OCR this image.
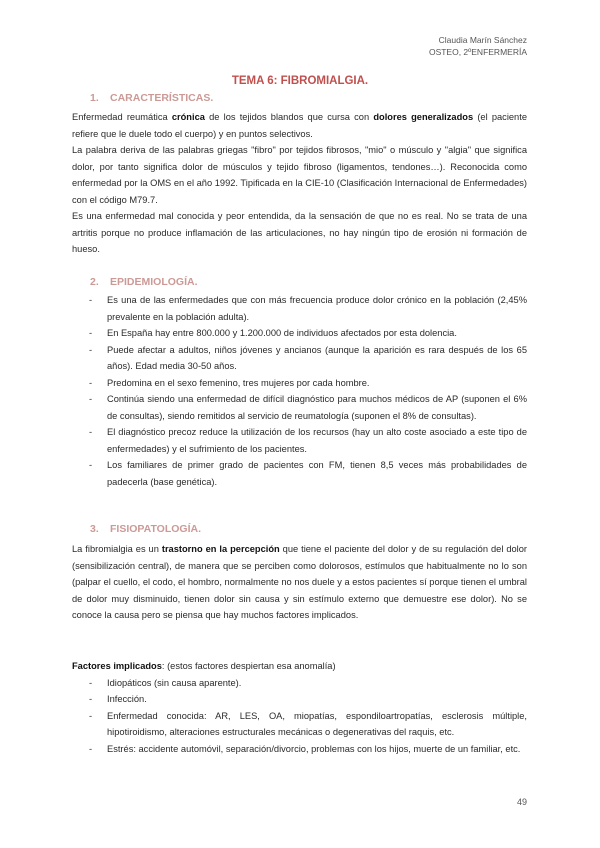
Claudia Marín Sánchez
OSTEO, 2ºENFERMERÍA
TEMA 6: FIBROMIALGIA.
1. CARACTERÍSTICAS.

Enfermedad reumática crónica de los tejidos blandos que cursa con dolores generalizados (el paciente refiere que le duele todo el cuerpo) y en puntos selectivos.

La palabra deriva de las palabras griegas "fibro" por tejidos fibrosos, "mio" o músculo y "algia" que significa dolor, por tanto significa dolor de músculos y tejido fibroso (ligamentos, tendones…). Reconocida como enfermedad por la OMS en el año 1992. Tipificada en la CIE-10 (Clasificación Internacional de Enfermedades) con el código M79.7.

Es una enfermedad mal conocida y peor entendida, da la sensación de que no es real. No se trata de una artritis porque no produce inflamación de las articulaciones, no hay ningún tipo de erosión ni formación de hueso.

2. EPIDEMIOLOGÍA.
- Es una de las enfermedades que con más frecuencia produce dolor crónico en la población (2,45% prevalente en la población adulta).
- En España hay entre 800.000 y 1.200.000 de individuos afectados por esta dolencia.
- Puede afectar a adultos, niños jóvenes y ancianos (aunque la aparición es rara después de los 65 años). Edad media 30-50 años.
- Predomina en el sexo femenino, tres mujeres por cada hombre.
- Continúa siendo una enfermedad de difícil diagnóstico para muchos médicos de AP (suponen el 6% de consultas), siendo remitidos al servicio de reumatología (suponen el 8% de consultas).
- El diagnóstico precoz reduce la utilización de los recursos (hay un alto coste asociado a este tipo de enfermedades) y el sufrimiento de los pacientes.
- Los familiares de primer grado de pacientes con FM, tienen 8,5 veces más probabilidades de padecerla (base genética).
3. FISIOPATOLOGÍA.

La fibromialgia es un trastorno en la percepción que tiene el paciente del dolor y de su regulación del dolor (sensibilización central), de manera que se perciben como dolorosos, estímulos que habitualmente no lo son (palpar el cuello, el codo, el hombro, normalmente no nos duele y a estos pacientes sí porque tienen el umbral de dolor muy disminuido, tienen dolor sin causa y sin estímulo externo que demuestre ese dolor). No se conoce la causa pero se piensa que hay muchos factores implicados.

Factores implicados: (estos factores despiertan esa anomalía)

- Idiopáticos (sin causa aparente).
- Infección.
- Enfermedad conocida: AR, LES, OA, miopatías, espondiloartropatías, esclerosis múltiple, hipotiroidismo, alteraciones estructurales mecánicas o degenerativas del raquis, etc.
- Estrés: accidente automóvil, separación/divorcio, problemas con los hijos, muerte de un familiar, etc.
49
